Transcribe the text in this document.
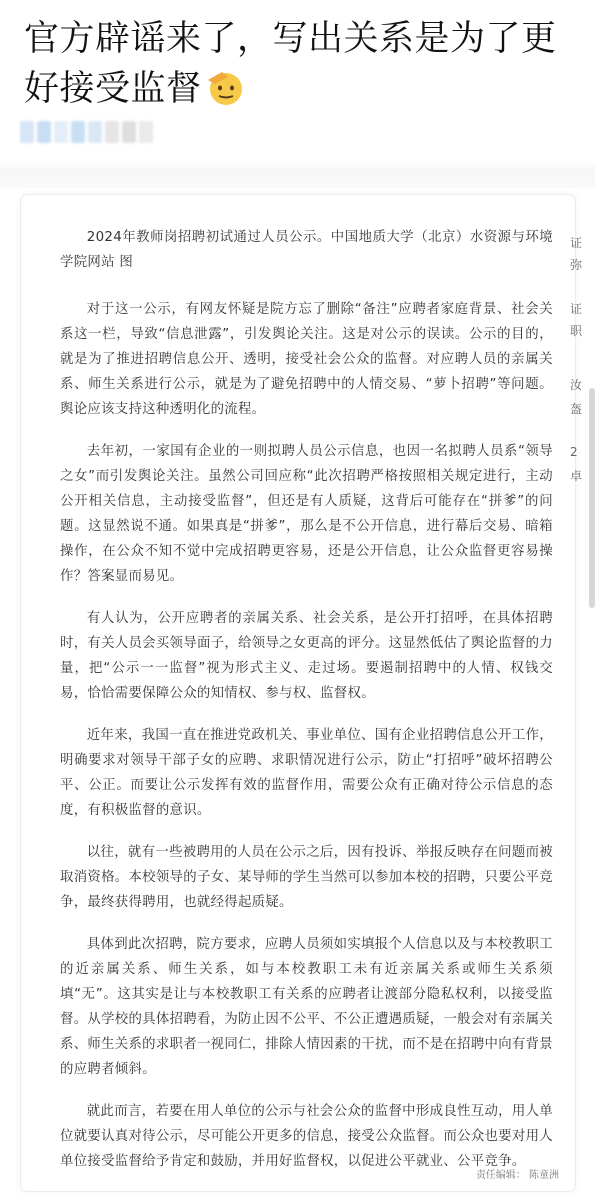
官方辟谣来了，写出关系是为了更好接受监督

2024年教师岗招聘初试通过人员公示。中国地质大学（北京）水资源与环境学院网站 图

对于这一公示，有网友怀疑是院方忘了删除“备注”应聘者家庭背景、社会关系这一栏，导致“信息泄露”，引发舆论关注。这是对公示的误读。公示的目的，就是为了推进招聘信息公开、透明，接受社会公众的监督。对应聘人员的亲属关系、师生关系进行公示，就是为了避免招聘中的人情交易、“萝卜招聘”等问题。舆论应该支持这种透明化的流程。

去年初，一家国有企业的一则拟聘人员公示信息，也因一名拟聘人员系“领导之女”而引发舆论关注。虽然公司回应称“此次招聘严格按照相关规定进行，主动公开相关信息，主动接受监督”，但还是有人质疑，这背后可能存在“拼爹”的问题。这显然说不通。如果真是“拼爹”，那么是不公开信息，进行幕后交易、暗箱操作，在公众不知不觉中完成招聘更容易，还是公开信息，让公众监督更容易操作？答案显而易见。

有人认为，公开应聘者的亲属关系、社会关系，是公开打招呼，在具体招聘时，有关人员会买领导面子，给领导之女更高的评分。这显然低估了舆论监督的力量，把“公示一一监督”视为形式主义、走过场。要遏制招聘中的人情、权钱交易，恰恰需要保障公众的知情权、参与权、监督权。

近年来，我国一直在推进党政机关、事业单位、国有企业招聘信息公开工作，明确要求对领导干部子女的应聘、求职情况进行公示，防止“打招呼”破坏招聘公平、公正。而要让公示发挥有效的监督作用，需要公众有正确对待公示信息的态度，有积极监督的意识。

以往，就有一些被聘用的人员在公示之后，因有投诉、举报反映存在问题而被取消资格。本校领导的子女、某导师的学生当然可以参加本校的招聘，只要公平竞争，最终获得聘用，也就经得起质疑。

具体到此次招聘，院方要求，应聘人员须如实填报个人信息以及与本校教职工的近亲属关系、师生关系，如与本校教职工未有近亲属关系或师生关系须填“无”。这其实是让与本校教职工有关系的应聘者让渡部分隐私权利，以接受监督。从学校的具体招聘看，为防止因不公平、不公正遭遇质疑，一般会对有亲属关系、师生关系的求职者一视同仁，排除人情因素的干扰，而不是在招聘中向有背景的应聘者倾斜。

就此而言，若要在用人单位的公示与社会公众的监督中形成良性互动，用人单位就要认真对待公示，尽可能公开更多的信息，接受公众监督。而公众也要对用人单位接受监督给予肯定和鼓励，并用好监督权，以促进公平就业、公平竞争。

责任编辑： 陈童洲
证
弥
证
职
汝
盔
2
卓
